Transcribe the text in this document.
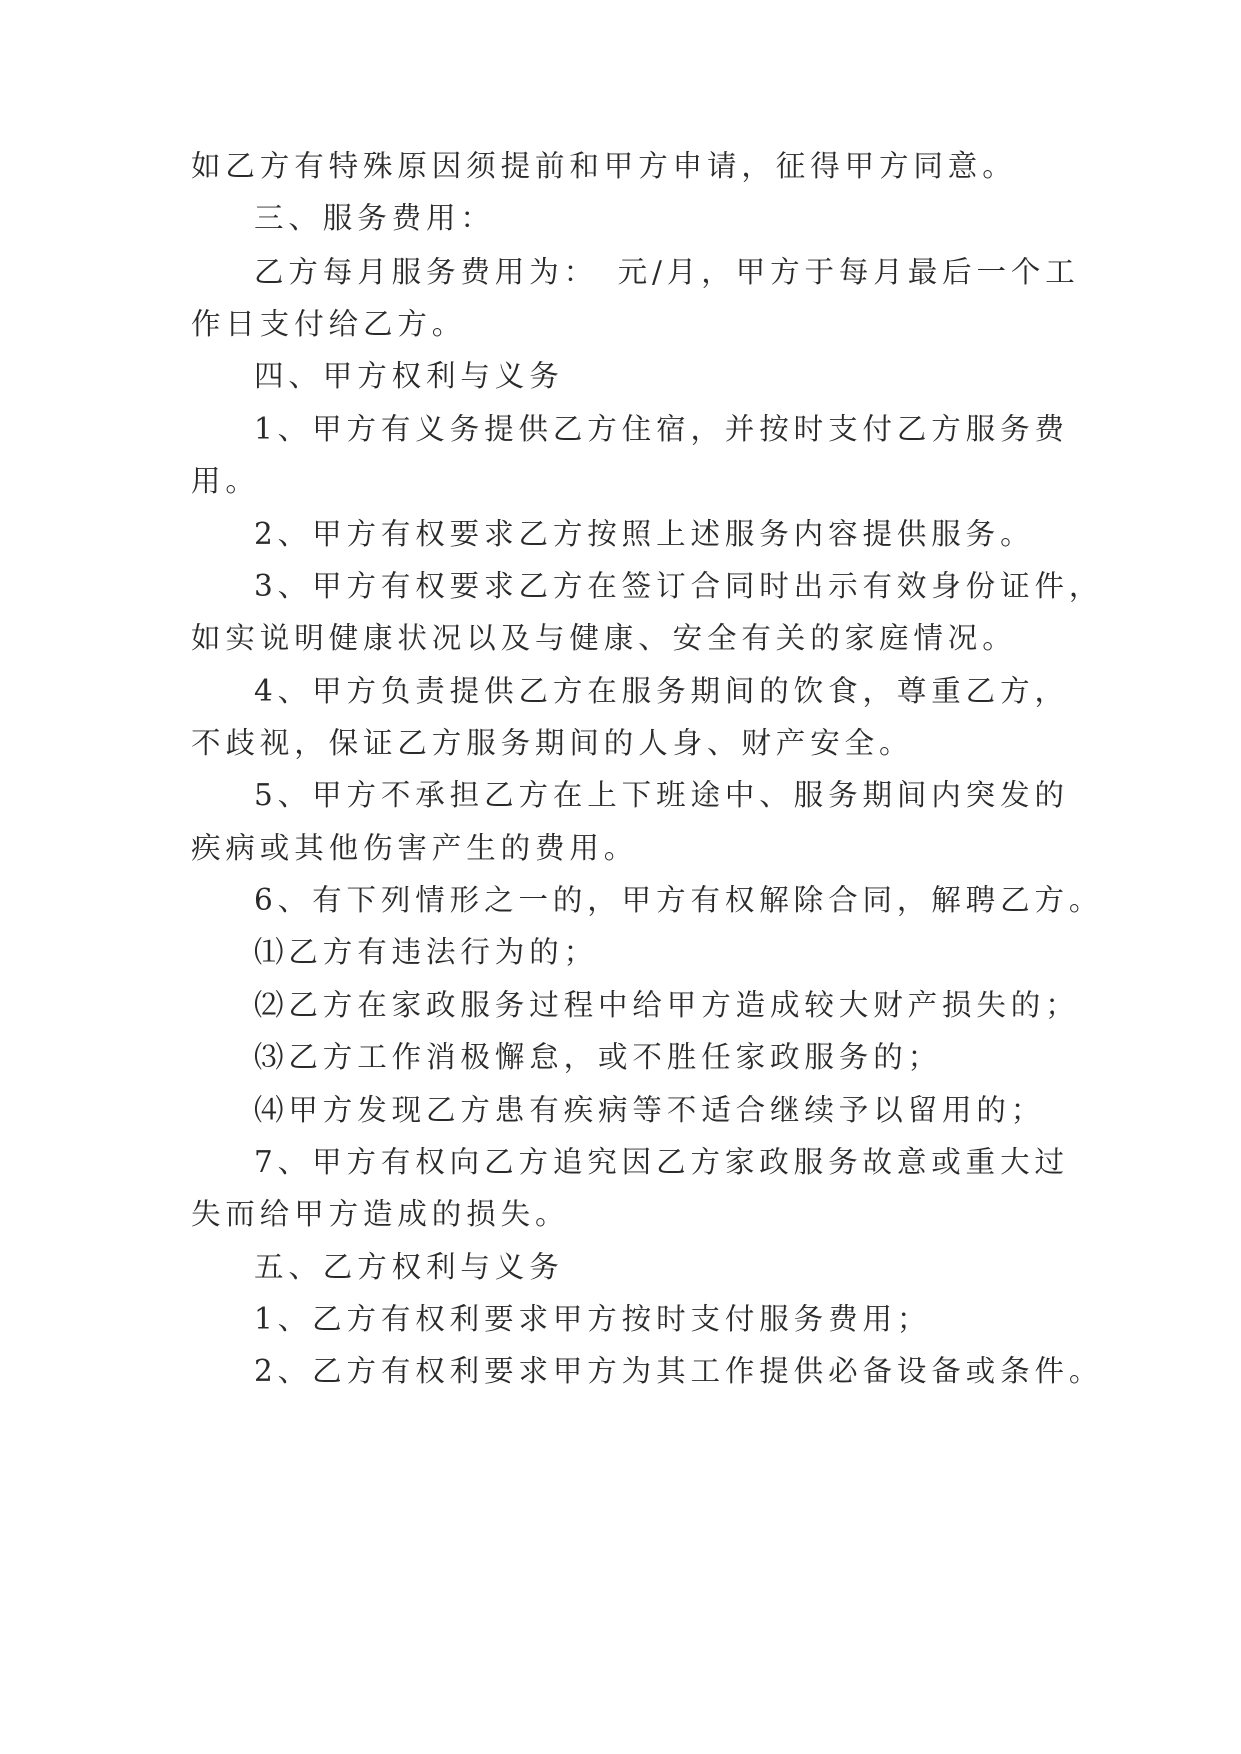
如乙方有特殊原因须提前和甲方申请，征得甲方同意。
三、服务费用：
乙方每月服务费用为：　元/月，甲方于每月最后一个工
作日支付给乙方。
四、甲方权利与义务
1、甲方有义务提供乙方住宿，并按时支付乙方服务费
用。
2、甲方有权要求乙方按照上述服务内容提供服务。
3、甲方有权要求乙方在签订合同时出示有效身份证件，
如实说明健康状况以及与健康、安全有关的家庭情况。
4、甲方负责提供乙方在服务期间的饮食，尊重乙方，
不歧视，保证乙方服务期间的人身、财产安全。
5、甲方不承担乙方在上下班途中、服务期间内突发的
疾病或其他伤害产生的费用。
6、有下列情形之一的，甲方有权解除合同，解聘乙方。
⑴乙方有违法行为的；
⑵乙方在家政服务过程中给甲方造成较大财产损失的；
⑶乙方工作消极懈怠，或不胜任家政服务的；
⑷甲方发现乙方患有疾病等不适合继续予以留用的；
7、甲方有权向乙方追究因乙方家政服务故意或重大过
失而给甲方造成的损失。
五、乙方权利与义务
1、乙方有权利要求甲方按时支付服务费用；
2、乙方有权利要求甲方为其工作提供必备设备或条件。
